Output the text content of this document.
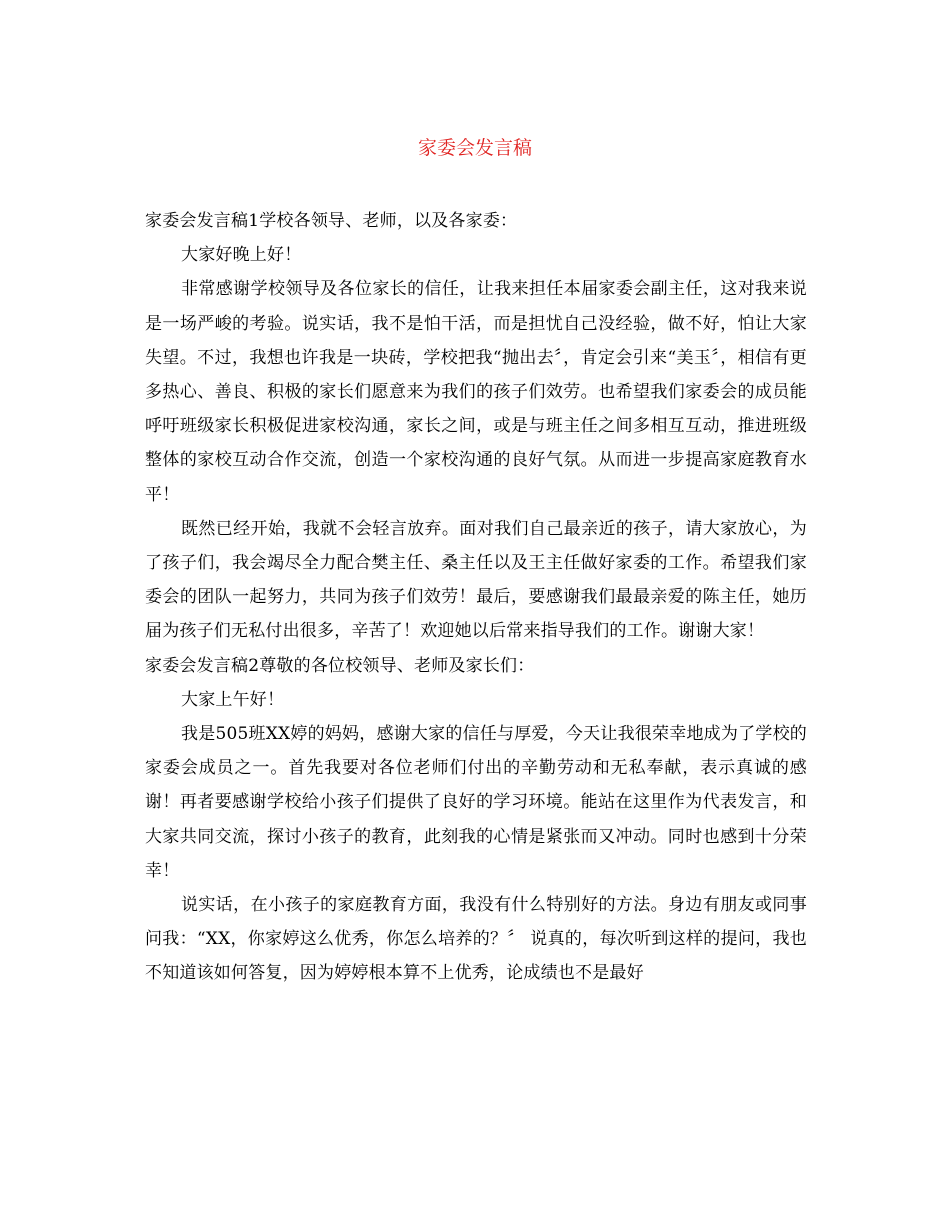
家委会发言稿

家委会发言稿1学校各领导、老师，以及各家委：

大家好晚上好！

非常感谢学校领导及各位家长的信任，让我来担任本届家委会副主任，这对我来说是一场严峻的考验。说实话，我不是怕干活，而是担忧自己没经验，做不好，怕让大家失望。不过，我想也许我是一块砖，学校把我“抛出去〞，肯定会引来“美玉〞，相信有更多热心、善良、积极的家长们愿意来为我们的孩子们效劳。也希望我们家委会的成员能呼吁班级家长积极促进家校沟通，家长之间，或是与班主任之间多相互互动，推进班级整体的家校互动合作交流，创造一个家校沟通的良好气氛。从而进一步提高家庭教育水平！

既然已经开始，我就不会轻言放弃。面对我们自己最亲近的孩子，请大家放心，为了孩子们，我会竭尽全力配合樊主任、桑主任以及王主任做好家委的工作。希望我们家委会的团队一起努力，共同为孩子们效劳！最后，要感谢我们最最亲爱的陈主任，她历届为孩子们无私付出很多，辛苦了！欢迎她以后常来指导我们的工作。谢谢大家！

家委会发言稿2尊敬的各位校领导、老师及家长们：

大家上午好！

我是505班XX婷的妈妈，感谢大家的信任与厚爱，今天让我很荣幸地成为了学校的家委会成员之一。首先我要对各位老师们付出的辛勤劳动和无私奉献，表示真诚的感谢！再者要感谢学校给小孩子们提供了良好的学习环境。能站在这里作为代表发言，和大家共同交流，探讨小孩子的教育，此刻我的心情是紧张而又冲动。同时也感到十分荣幸！

说实话，在小孩子的家庭教育方面，我没有什么特别好的方法。身边有朋友或同事问我：“XX，你家婷这么优秀，你怎么培养的？〞 说真的，每次听到这样的提问，我也不知道该如何答复，因为婷婷根本算不上优秀，论成绩也不是最好
